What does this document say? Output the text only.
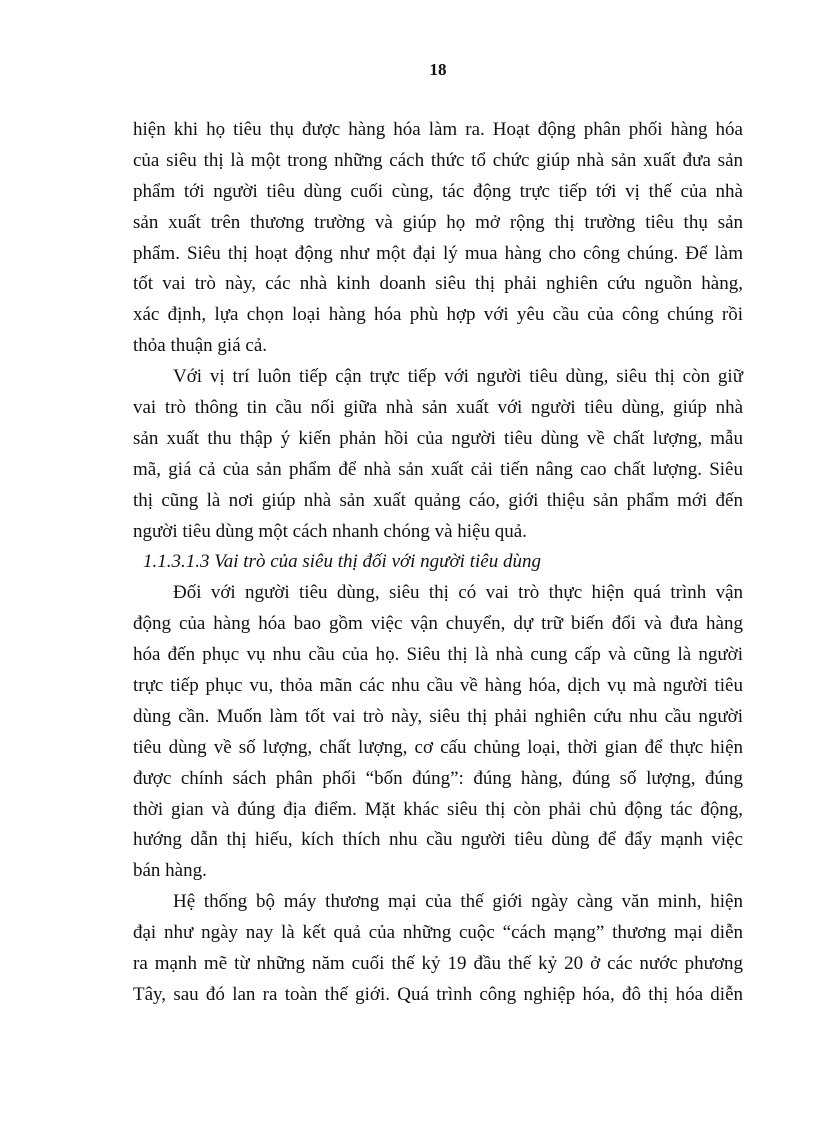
18
hiện khi họ tiêu thụ được hàng hóa làm ra. Hoạt động phân phối hàng hóa
của siêu thị là một trong những cách thức tổ chức giúp nhà sản xuất đưa sản
phẩm tới người tiêu dùng cuối cùng, tác động trực tiếp tới vị thế của nhà
sản xuất trên thương trường và giúp họ mở rộng thị trường tiêu thụ sản
phẩm. Siêu thị hoạt động như một đại lý mua hàng cho công chúng. Để làm
tốt vai trò này, các nhà kinh doanh siêu thị phải nghiên cứu nguồn hàng,
xác định, lựa chọn loại hàng hóa phù hợp với yêu cầu của công chúng rồi
thỏa thuận giá cả.
Với vị trí luôn tiếp cận trực tiếp với người tiêu dùng, siêu thị còn giữ
vai trò thông tin cầu nối giữa nhà sản xuất với người tiêu dùng, giúp nhà
sản xuất thu thập ý kiến phản hồi của người tiêu dùng về chất lượng, mẫu
mã, giá cả của sản phẩm để nhà sản xuất cải tiến nâng cao chất lượng. Siêu
thị cũng là nơi giúp nhà sản xuất quảng cáo, giới thiệu sản phẩm mới đến
người tiêu dùng một cách nhanh chóng và hiệu quả.
1.1.3.1.3 Vai trò của siêu thị đối với người tiêu dùng
Đối với người tiêu dùng, siêu thị có vai trò thực hiện quá trình vận
động của hàng hóa bao gồm việc vận chuyển, dự trữ biến đổi và đưa hàng
hóa đến phục vụ nhu cầu của họ. Siêu thị là nhà cung cấp và cũng là người
trực tiếp phục vu, thỏa mãn các nhu cầu về hàng hóa, dịch vụ mà người tiêu
dùng cần. Muốn làm tốt vai trò này, siêu thị phải nghiên cứu nhu cầu người
tiêu dùng về số lượng, chất lượng, cơ cấu chủng loại, thời gian để thực hiện
được chính sách phân phối “bốn đúng”: đúng hàng, đúng số lượng, đúng
thời gian và đúng địa điểm. Mặt khác siêu thị còn phải chủ động tác động,
hướng dẫn thị hiếu, kích thích nhu cầu người tiêu dùng để đẩy mạnh việc
bán hàng.
Hệ thống bộ máy thương mại của thế giới ngày càng văn minh, hiện
đại như ngày nay là kết quả của những cuộc “cách mạng” thương mại diễn
ra mạnh mẽ từ những năm cuối thế kỷ 19 đầu thế kỷ 20 ở các nước phương
Tây, sau đó lan ra toàn thế giới. Quá trình công nghiệp hóa, đô thị hóa diễn
